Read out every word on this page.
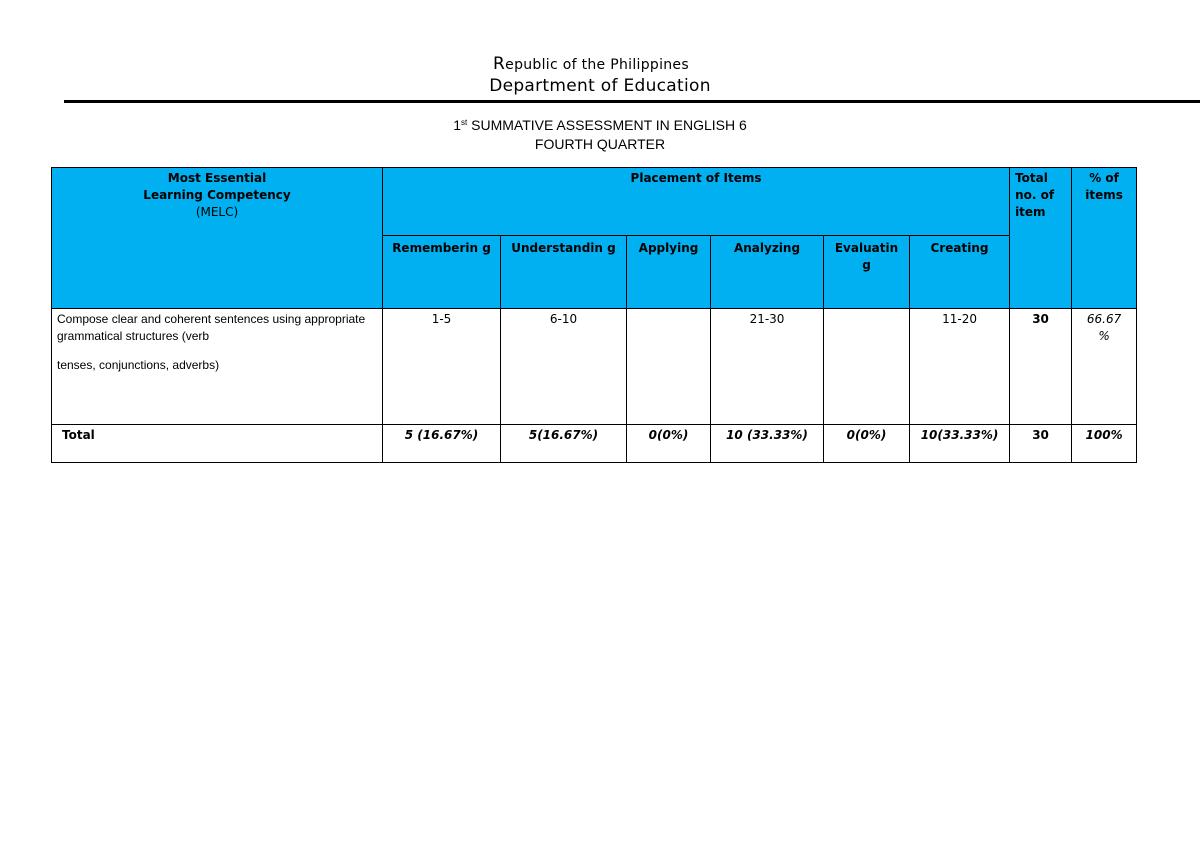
Republic of the Philippines
Department of Education
1st SUMMATIVE ASSESSMENT IN ENGLISH 6
FOURTH QUARTER
Most Essential
Learning Competency
(MELC)	Placement of Items						Total no. of item	% of items
	Rememberin g	Understandin g	Applying	Analyzing	Evaluatin g	Creating		
Compose clear and coherent sentences using appropriate grammatical structures (verb
tenses, conjunctions, adverbs)	1-5	6-10		21-30		11-20	30	66.67 %
Total	5 (16.67%)	5(16.67%)	0(0%)	10 (33.33%)	0(0%)	10(33.33%)	30	100%
